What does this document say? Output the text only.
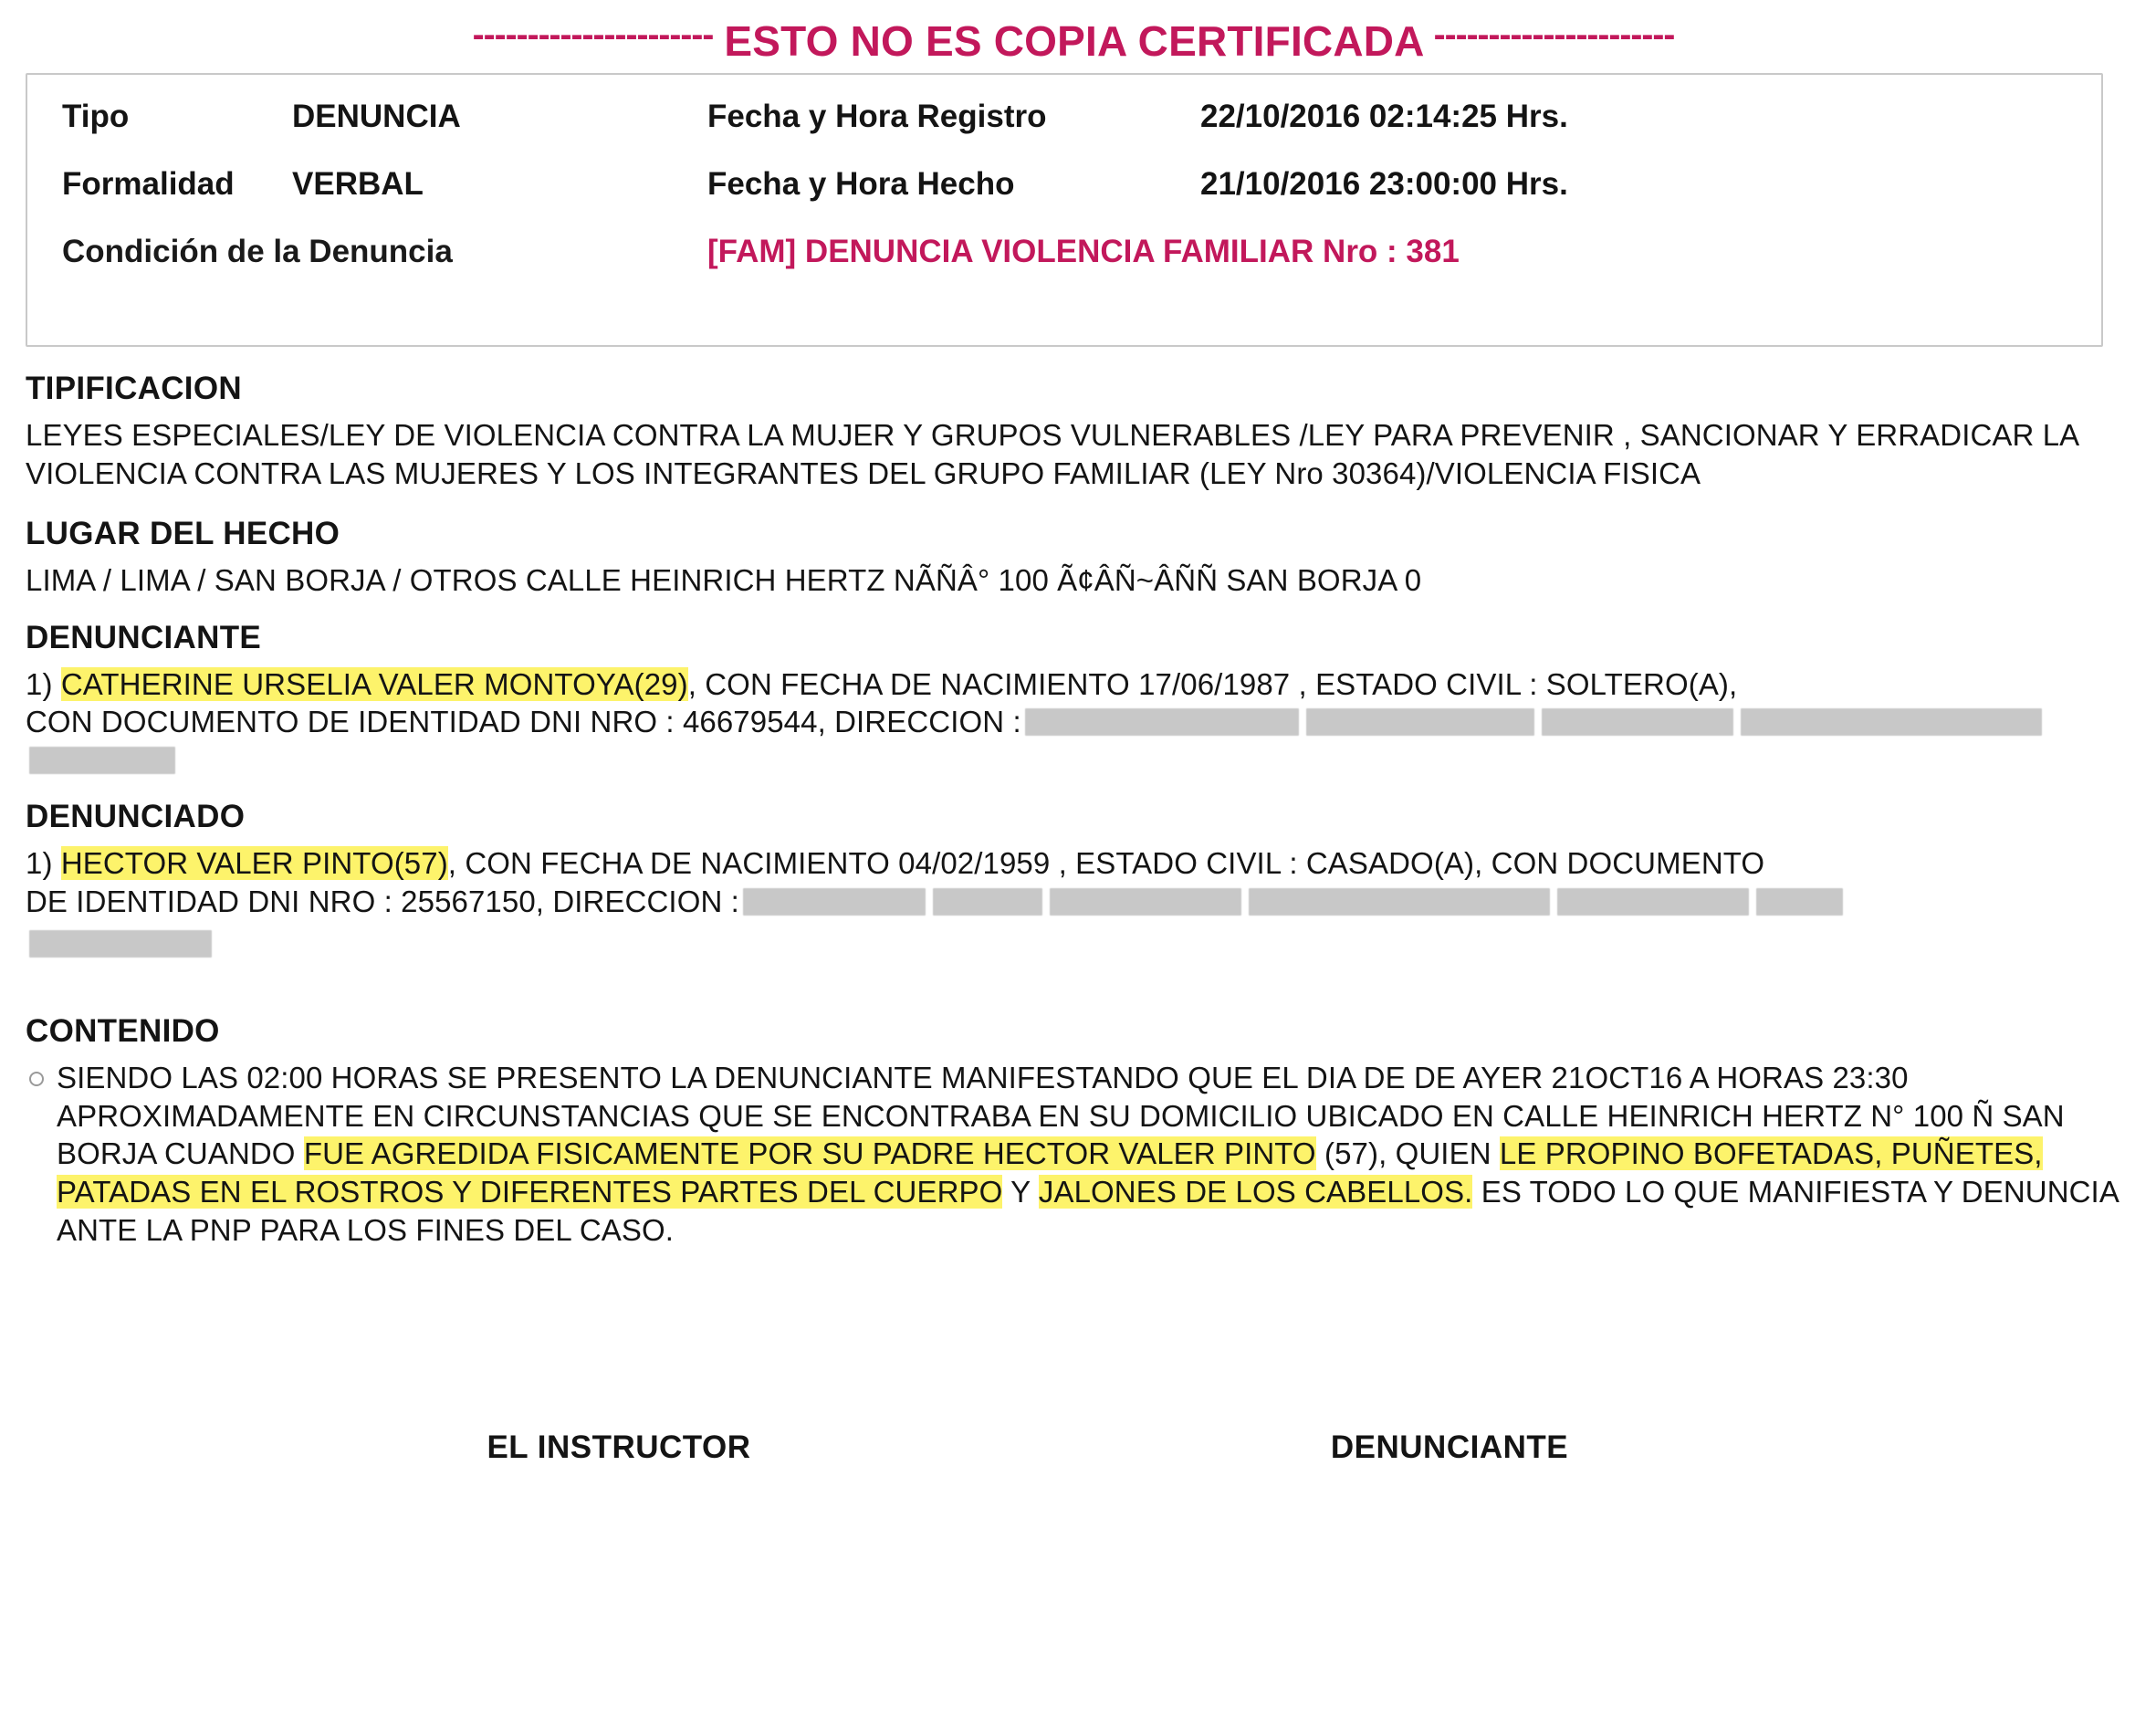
---------------------- ESTO NO ES COPIA CERTIFICADA ----------------------
Tipo	DENUNCIA	Fecha y Hora Registro	22/10/2016 02:14:25 Hrs.
Formalidad	VERBAL	Fecha y Hora Hecho	21/10/2016 23:00:00 Hrs.
Condición de la Denuncia	[FAM] DENUNCIA VIOLENCIA FAMILIAR Nro : 381
TIPIFICACION
LEYES ESPECIALES/LEY DE VIOLENCIA CONTRA LA MUJER Y GRUPOS VULNERABLES /LEY PARA PREVENIR , SANCIONAR Y ERRADICAR LA VIOLENCIA CONTRA LAS MUJERES Y LOS INTEGRANTES DEL GRUPO FAMILIAR (LEY Nro 30364)/VIOLENCIA FISICA
LUGAR DEL HECHO
LIMA / LIMA / SAN BORJA / OTROS CALLE HEINRICH HERTZ NÃÑÂ° 100 Ã¢ÂÑ~ÂÑÑ SAN BORJA 0
DENUNCIANTE
1) CATHERINE URSELIA VALER MONTOYA(29), CON FECHA DE NACIMIENTO 17/06/1987 , ESTADO CIVIL : SOLTERO(A),
CON DOCUMENTO DE IDENTIDAD DNI NRO : 46679544, DIRECCION :
DENUNCIADO
1) HECTOR VALER PINTO(57), CON FECHA DE NACIMIENTO 04/02/1959 , ESTADO CIVIL : CASADO(A), CON DOCUMENTO
DE IDENTIDAD DNI NRO : 25567150, DIRECCION :
CONTENIDO
SIENDO LAS 02:00 HORAS SE PRESENTO LA DENUNCIANTE MANIFESTANDO QUE EL DIA DE DE AYER 21OCT16 A HORAS 23:30 APROXIMADAMENTE EN CIRCUNSTANCIAS QUE SE ENCONTRABA EN SU DOMICILIO UBICADO EN CALLE HEINRICH HERTZ N° 100 Ñ SAN BORJA CUANDO FUE AGREDIDA FISICAMENTE POR SU PADRE HECTOR VALER PINTO (57), QUIEN LE PROPINO BOFETADAS, PUÑETES, PATADAS EN EL ROSTROS Y DIFERENTES PARTES DEL CUERPO Y JALONES DE LOS CABELLOS. ES TODO LO QUE MANIFIESTA Y DENUNCIA ANTE LA PNP PARA LOS FINES DEL CASO.
EL INSTRUCTOR	DENUNCIANTE
